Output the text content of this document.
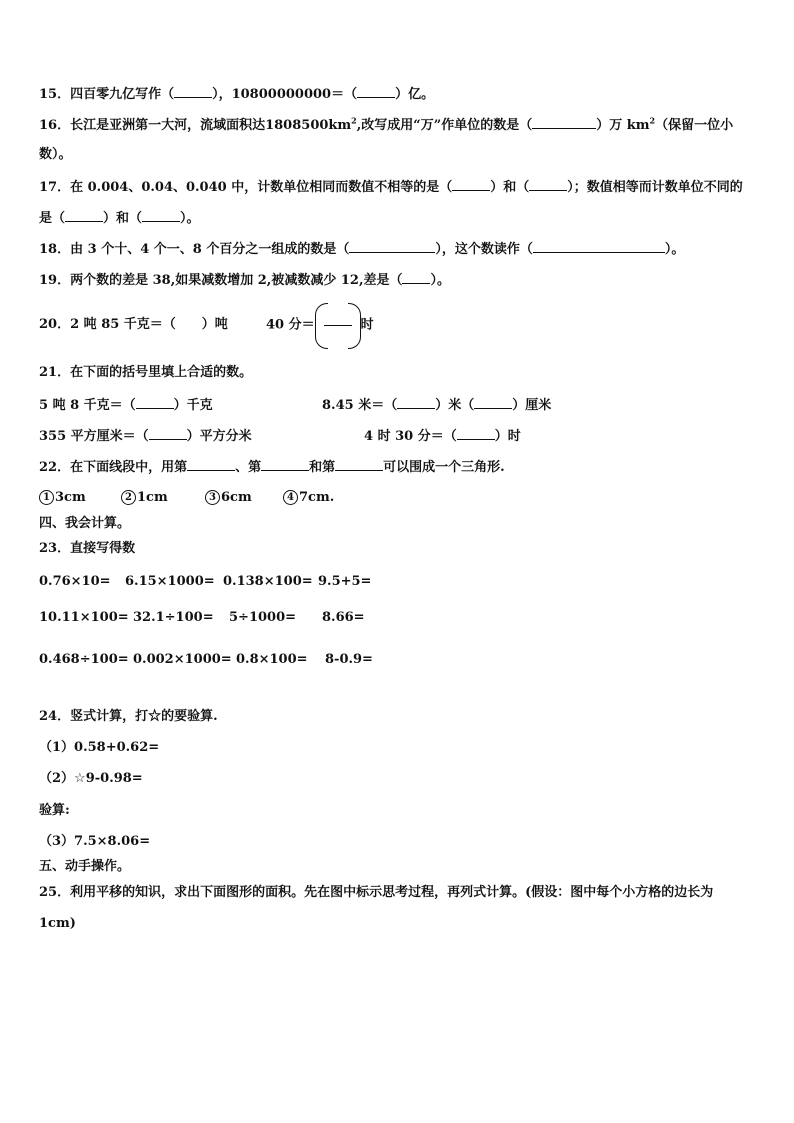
15．四百零九亿写作（	），10800000000＝（	）亿。
16．长江是亚洲第一大河，流域面积达$1808500km^2$,改写成用“万”作单位的数是（	）万 $km^2$（保留一位小
数）。
17．在 0.004、0.04、0.040 中，计数单位相同而数值不相等的是（	）和（	）；数值相等而计数单位不同的
是（	）和（	）。
18．由 3 个十、4 个一、8 个百分之一组成的数是（	），这个数读作（	）。
19．两个数的差是 38,如果减数增加 2,被减数减少 12,差是（ ）。
20．2 吨 85 千克＝（　　）吨	40 分＝	时
21．在下面的括号里填上合适的数。
5 吨 8 千克＝（	）千克	8.45 米＝（	）米（	）厘米
355 平方厘米＝（	）平方分米	4 时 30 分＝（	）时
22．在下面线段中，用第	、第	和第	可以围成一个三角形.
1 3cm	2 1cm	3 6cm	4 7cm.
四、我会计算。
23．直接写得数
0.76×10= 6.15×1000= 0.138×100= 9.5+5=
10.11×100= 32.1÷100= 5÷1000= 8.66=
0.468÷100= 0.002×1000= 0.8×100= 8-0.9=
24．竖式计算，打☆的要验算.
（1）0.58+0.62=
（2）☆9-0.98=
验算:
（3）7.5×8.06=
五、动手操作。
25．利用平移的知识，求出下面图形的面积。先在图中标示思考过程，再列式计算。(假设：图中每个小方格的边长为
1cm)
